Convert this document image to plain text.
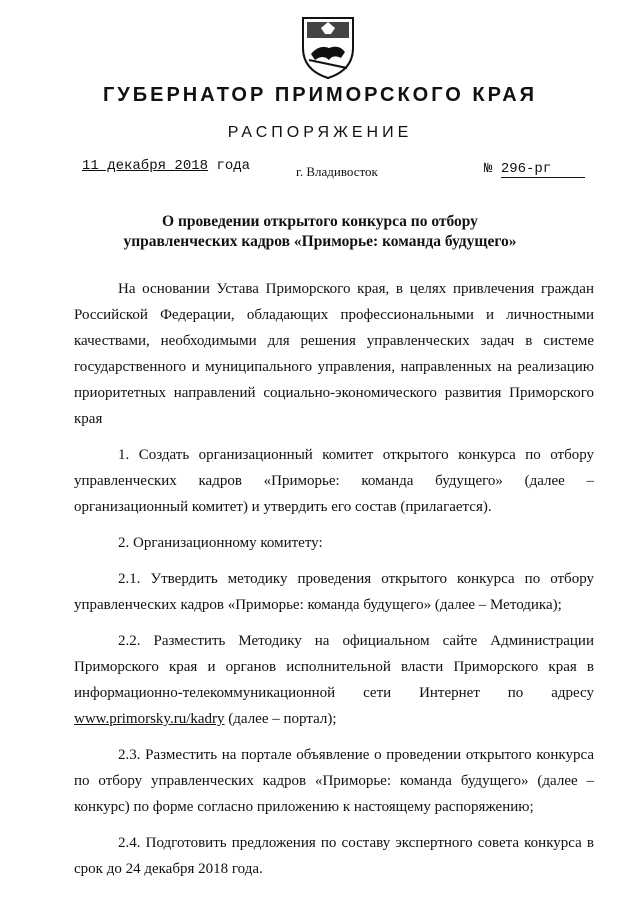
ГУБЕРНАТОР ПРИМОРСКОГО КРАЯ
РАСПОРЯЖЕНИЕ
11 декабря 2018 года	г. Владивосток	№ 296-рг
О проведении открытого конкурса по отбору
управленческих кадров «Приморье: команда будущего»

На основании Устава Приморского края, в целях привлечения граждан Российской Федерации, обладающих профессиональными и личностными качествами, необходимыми для решения управленческих задач в системе государственного и муниципального управления, направленных на реализацию приоритетных направлений социально-экономического развития Приморского края

1. Создать организационный комитет открытого конкурса по отбору управленческих кадров «Приморье: команда будущего» (далее – организационный комитет) и утвердить его состав (прилагается).

2. Организационному комитету:

2.1. Утвердить методику проведения открытого конкурса по отбору управленческих кадров «Приморье: команда будущего» (далее – Методика);

2.2. Разместить Методику на официальном сайте Администрации Приморского края и органов исполнительной власти Приморского края в информационно-телекоммуникационной сети Интернет по адресу www.primorsky.ru/kadry (далее – портал);

2.3. Разместить на портале объявление о проведении открытого конкурса по отбору управленческих кадров «Приморье: команда будущего» (далее – конкурс) по форме согласно приложению к настоящему распоряжению;

2.4. Подготовить предложения по составу экспертного совета конкурса в срок до 24 декабря 2018 года.
